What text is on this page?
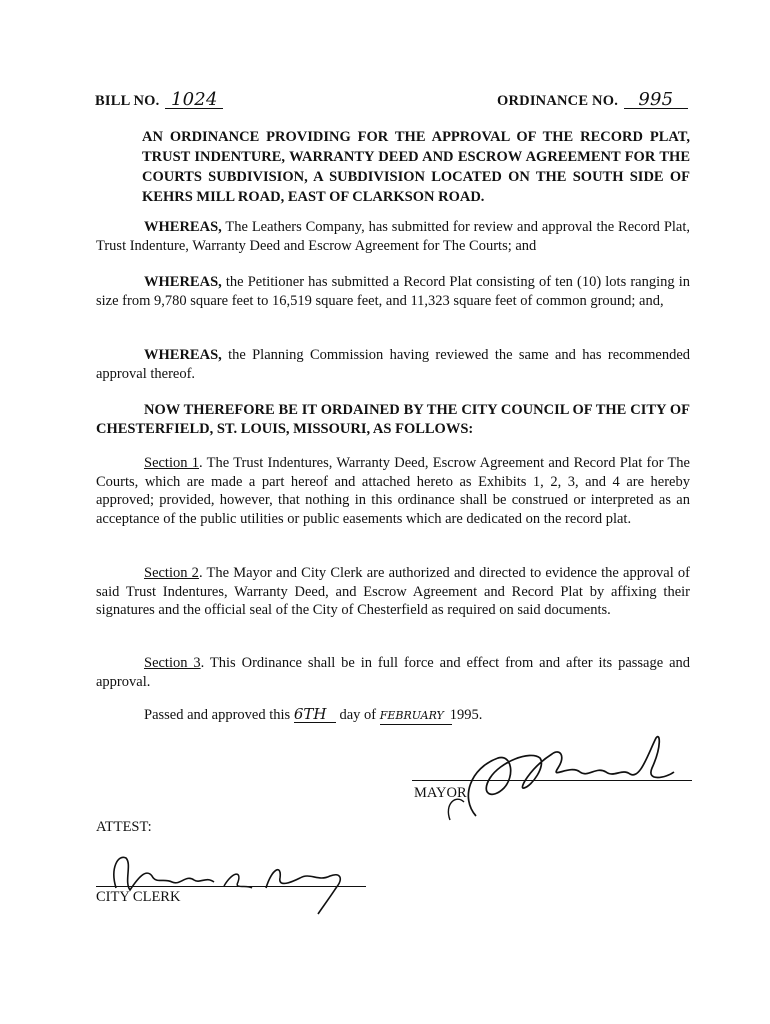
BILL NO. 1024	ORDINANCE NO. 995
AN ORDINANCE PROVIDING FOR THE APPROVAL OF THE RECORD PLAT, TRUST INDENTURE, WARRANTY DEED AND ESCROW AGREEMENT FOR THE COURTS SUBDIVISION, A SUBDIVISION LOCATED ON THE SOUTH SIDE OF KEHRS MILL ROAD, EAST OF CLARKSON ROAD.
WHEREAS, The Leathers Company, has submitted for review and approval the Record Plat, Trust Indenture, Warranty Deed and Escrow Agreement for The Courts; and
WHEREAS, the Petitioner has submitted a Record Plat consisting of ten (10) lots ranging in size from 9,780 square feet to 16,519 square feet, and 11,323 square feet of common ground; and,
WHEREAS, the Planning Commission having reviewed the same and has recommended approval thereof.
NOW THEREFORE BE IT ORDAINED BY THE CITY COUNCIL OF THE CITY OF CHESTERFIELD, ST. LOUIS, MISSOURI, AS FOLLOWS:
Section 1. The Trust Indentures, Warranty Deed, Escrow Agreement and Record Plat for The Courts, which are made a part hereof and attached hereto as Exhibits 1, 2, 3, and 4 are hereby approved; provided, however, that nothing in this ordinance shall be construed or interpreted as an acceptance of the public utilities or public easements which are dedicated on the record plat.
Section 2. The Mayor and City Clerk are authorized and directed to evidence the approval of said Trust Indentures, Warranty Deed, and Escrow Agreement and Record Plat by affixing their signatures and the official seal of the City of Chesterfield as required on said documents.
Section 3. This Ordinance shall be in full force and effect from and after its passage and approval.
Passed and approved this 6TH day of FEBRUARY 1995.
MAYOR
ATTEST:
CITY CLERK
